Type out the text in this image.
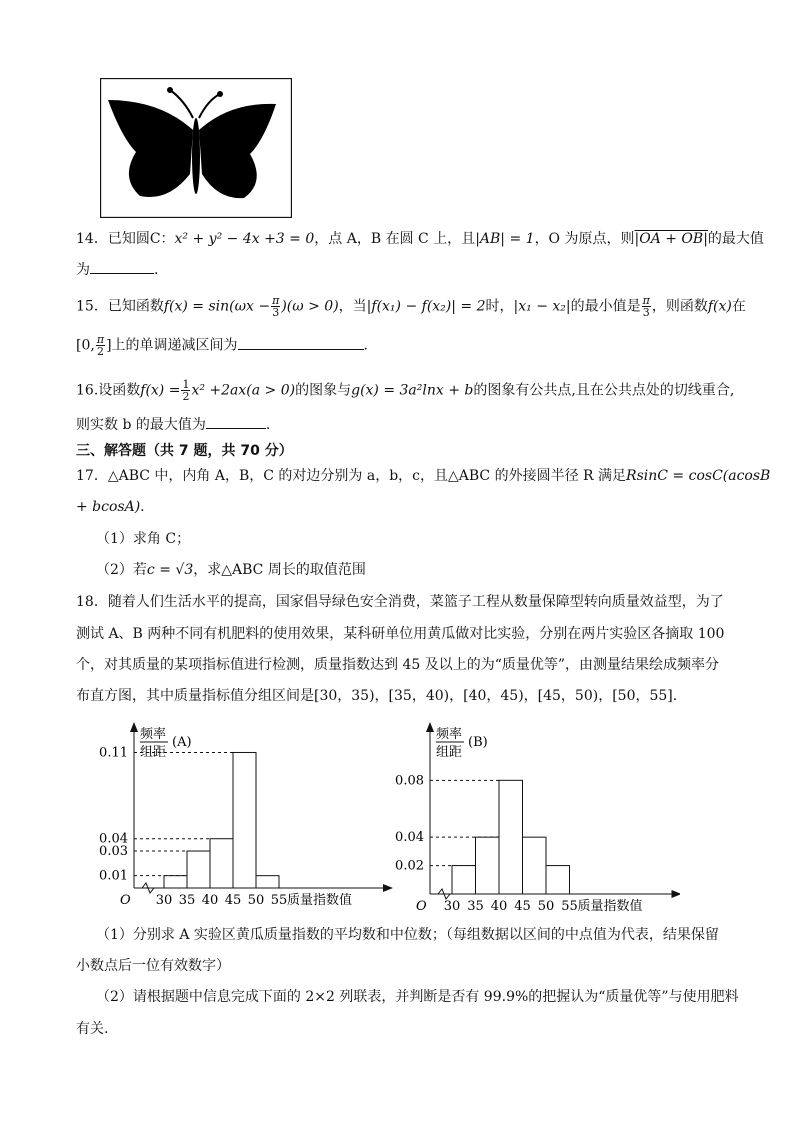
14．已知圆C：x² + y² − 4x +3 = 0，点 A，B 在圆 C 上，且|AB| = 1，O 为原点，则|OA + OB|的最大值
为	.
15．已知函数$f(x) = \sin(\omega x - \frac{\pi}{3} )(\omega > 0)$，当|f(x₁) − f(x₂)| = 2时，|x₁ − x₂|的最小值是 $\frac{\pi}{3}$ ，则函数f(x)在
[0, $\frac{\pi}{2}$ ]上的单调递减区间为	.
16.设函数$f(x) = \frac{1}{2} x^2 +2ax(a > 0)$的图象与g(x) = 3a²lnx + b的图象有公共点,且在公共点处的切线重合,
则实数 b 的最大值为	.
三、解答题（共 7 题，共 70 分）
17．△ABC 中，内角 A，B，C 的对边分别为 a，b，c，且△ABC 的外接圆半径 R 满足RsinC = cosC(acosB
+ bcosA).
（1）求角 C；
（2）若c = √3，求△ABC 周长的取值范围
18．随着人们生活水平的提高，国家倡导绿色安全消费，菜篮子工程从数量保障型转向质量效益型，为了
测试 A、B 两种不同有机肥料的使用效果，某科研单位用黄瓜做对比实验，分别在两片实验区各摘取 100
个，对其质量的某项指标值进行检测，质量指数达到 45 及以上的为“质量优等”，由测量结果绘成频率分
布直方图，其中质量指标值分组区间是[30，35)，[35，40)，[40，45)，[45，50)，[50，55].
O
频率
组距
(A)
0.11
0.04
0.03
0.01
30 35 40 45 50 55 质量指数值	O
频率
组距
(B)
0.08
0.04
0.02
30 35 40 45 50 55 质量指数值
（1）分别求 A 实验区黄瓜质量指数的平均数和中位数；（每组数据以区间的中点值为代表，结果保留
小数点后一位有效数字）
（2）请根据题中信息完成下面的 2×2 列联表，并判断是否有 99.9%的把握认为“质量优等”与使用肥料
有关.
